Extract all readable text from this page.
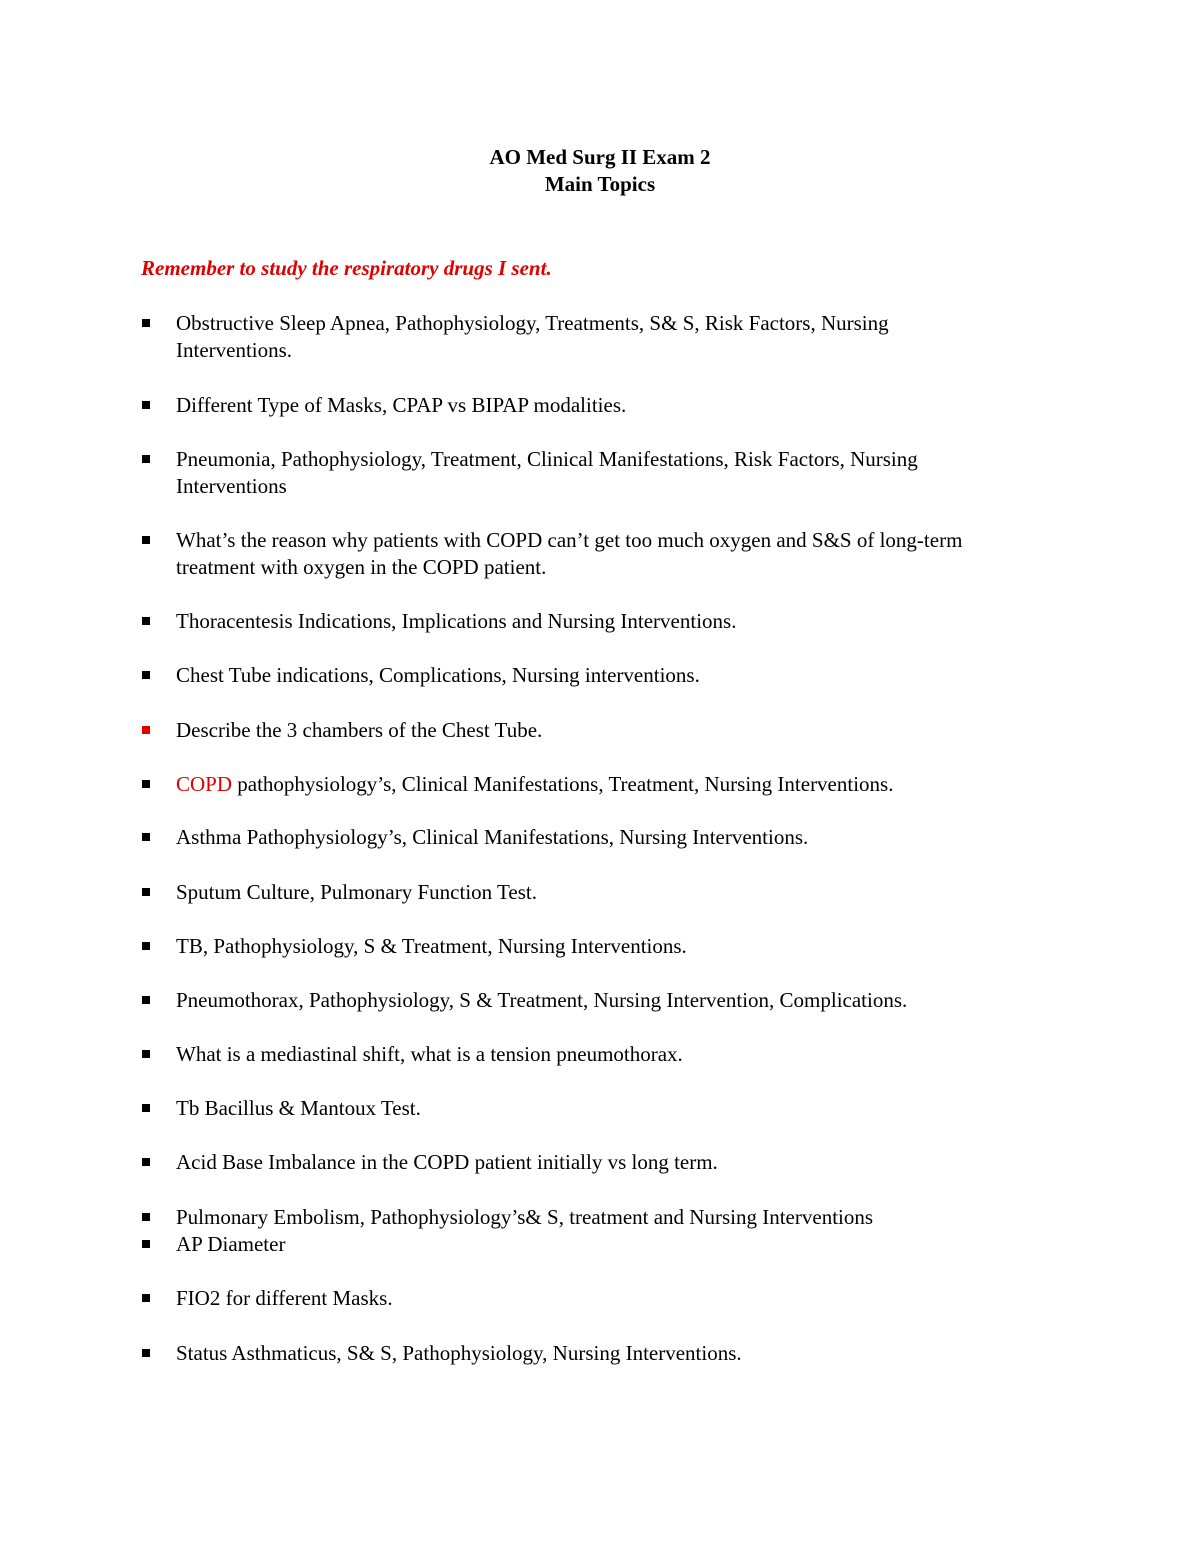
AO Med Surg II Exam 2
Main Topics
Remember to study the respiratory drugs I sent.
Obstructive Sleep Apnea, Pathophysiology, Treatments, S& S, Risk Factors, Nursing
Interventions.
Different Type of Masks, CPAP vs BIPAP modalities.
Pneumonia, Pathophysiology, Treatment, Clinical Manifestations, Risk Factors, Nursing
Interventions
What’s the reason why patients with COPD can’t get too much oxygen and S&S of long-term
treatment with oxygen in the COPD patient.
Thoracentesis Indications, Implications and Nursing Interventions.
Chest Tube indications, Complications, Nursing interventions.
Describe the 3 chambers of the Chest Tube.
COPD pathophysiology’s, Clinical Manifestations, Treatment, Nursing Interventions.
Asthma Pathophysiology’s, Clinical Manifestations, Nursing Interventions.
Sputum Culture, Pulmonary Function Test.
TB, Pathophysiology, S & Treatment, Nursing Interventions.
Pneumothorax, Pathophysiology, S & Treatment, Nursing Intervention, Complications.
What is a mediastinal shift, what is a tension pneumothorax.
Tb Bacillus & Mantoux Test.
Acid Base Imbalance in the COPD patient initially vs long term.
Pulmonary Embolism, Pathophysiology’s& S, treatment and Nursing Interventions
AP Diameter
FIO2 for different Masks.
Status Asthmaticus, S& S, Pathophysiology, Nursing Interventions.
